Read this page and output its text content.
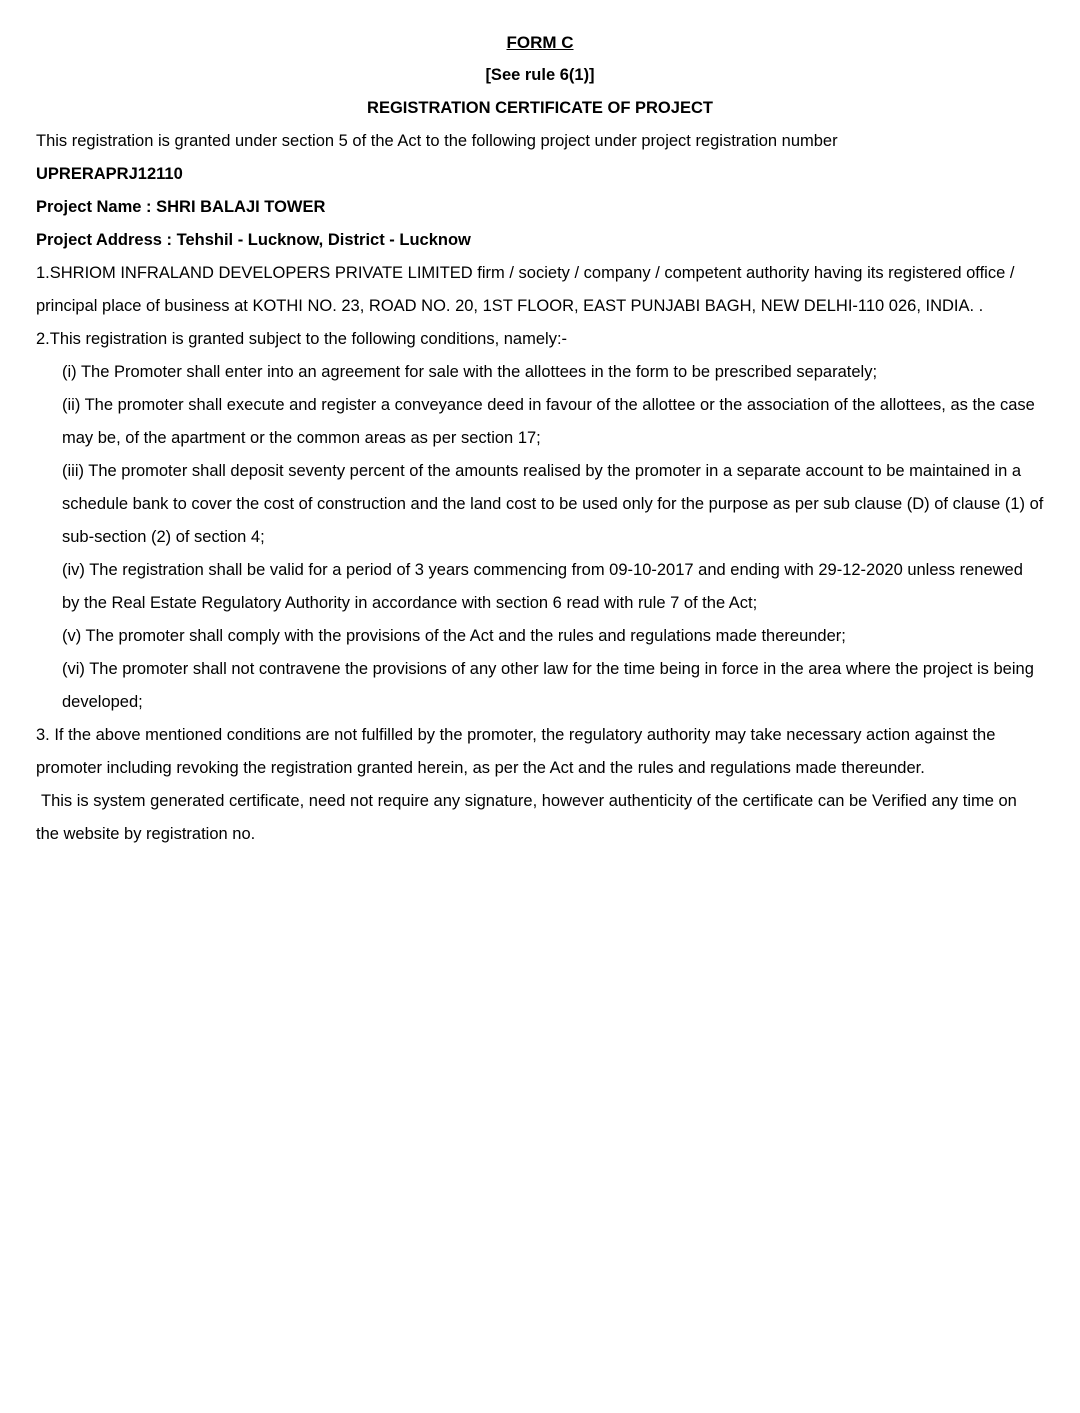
FORM C

[See rule 6(1)]

REGISTRATION CERTIFICATE OF PROJECT

This registration is granted under section 5 of the Act to the following project under project registration number

UPRERAPRJ12110

Project Name : SHRI BALAJI TOWER

Project Address : Tehshil - Lucknow, District - Lucknow

1.SHRIOM INFRALAND DEVELOPERS PRIVATE LIMITED firm / society / company / competent authority having its registered office / principal place of business at KOTHI NO. 23, ROAD NO. 20, 1ST FLOOR, EAST PUNJABI BAGH, NEW DELHI-110 026, INDIA. .

2.This registration is granted subject to the following conditions, namely:-

(i) The Promoter shall enter into an agreement for sale with the allottees in the form to be prescribed separately;

(ii) The promoter shall execute and register a conveyance deed in favour of the allottee or the association of the allottees, as the case may be, of the apartment or the common areas as per section 17;

(iii) The promoter shall deposit seventy percent of the amounts realised by the promoter in a separate account to be maintained in a schedule bank to cover the cost of construction and the land cost to be used only for the purpose as per sub clause (D) of clause (1) of sub-section (2) of section 4;

(iv) The registration shall be valid for a period of 3 years commencing from 09-10-2017 and ending with 29-12-2020 unless renewed by the Real Estate Regulatory Authority in accordance with section 6 read with rule 7 of the Act;

(v) The promoter shall comply with the provisions of the Act and the rules and regulations made thereunder;

(vi) The promoter shall not contravene the provisions of any other law for the time being in force in the area where the project is being developed;

3. If the above mentioned conditions are not fulfilled by the promoter, the regulatory authority may take necessary action against the promoter including revoking the registration granted herein, as per the Act and the rules and regulations made thereunder.

This is system generated certificate, need not require any signature, however authenticity of the certificate can be Verified any time on the website by registration no.
